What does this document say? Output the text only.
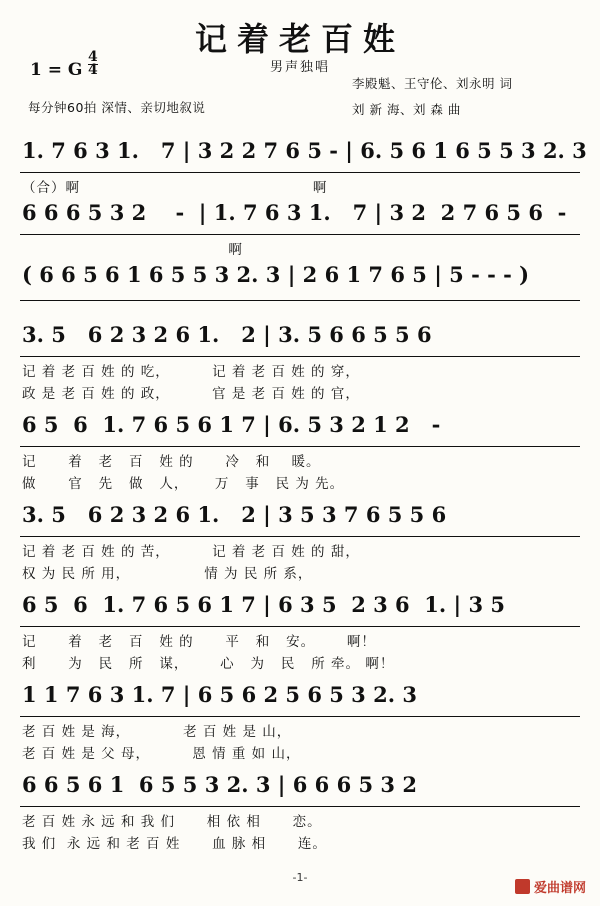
记着老百姓
男声独唱
1 = G $\frac{4}{4}$
每分钟60拍 深情、亲切地叙说
李殿魁、王守伦、刘永明 词
刘 新 海、刘 森 曲
1. 7 6 3 1.   7 | 3 2 2 7 6 5 - | 6. 5 6 1 6 5 5 3 2. 3
（合）啊                                            啊
6 6 6 5 3 2    -  | 1. 7 6 3 1.   7 | 3 2  2 7 6 5 6  -
啊
( 6 6 5 6 1 6 5 5 3 2. 3 | 2 6 1 7 6 5 | 5 - - - )
3. 5   6 2 3 2 6 1.   2 | 3. 5 6 6 5 5 6
记 着 老 百 姓 的 吃，        记 着 老 百 姓 的 穿，
政 是 老 百 姓 的 政，        官 是 老 百 姓 的 官，
6 5  6  1. 7 6 5 6 1 7 | 6. 5 3 2 1 2   -
记      着   老   百   姓 的      冷   和    暖。
做      官   先   做   人，     万   事   民 为 先。
3. 5   6 2 3 2 6 1.   2 | 3 5 3 7 6 5 5 6
记 着 老 百 姓 的 苦，        记 着 老 百 姓 的 甜，
权 为 民 所 用，              情 为 民 所 系，
6 5  6  1. 7 6 5 6 1 7 | 6 3 5  2 3 6  1. | 3 5
记      着   老   百   姓 的      平   和   安。      啊！
利      为   民   所   谋，      心   为   民   所 牵。 啊！
1 1 7 6 3 1. 7 | 6 5 6 2 5 6 5 3 2. 3
老 百 姓 是 海，          老 百 姓 是 山，
老 百 姓 是 父 母，        恩 情 重 如 山，
6 6 5 6 1  6 5 5 3 2. 3 | 6 6 6 5 3 2
老 百 姓 永 远 和 我 们      相 依 相      恋。
我 们  永 远 和 老 百 姓      血 脉 相      连。
-1-
爱曲谱网
